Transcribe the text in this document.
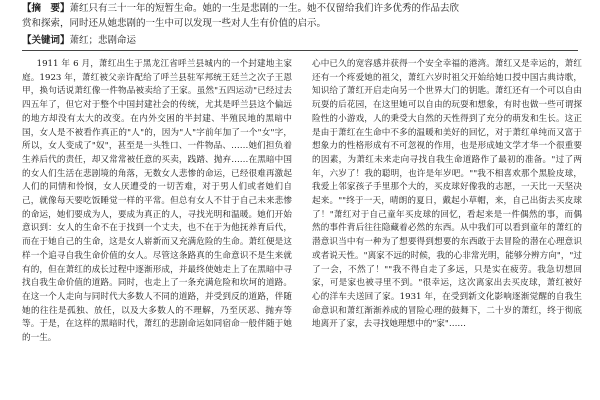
【摘　要】萧红只有三十一年的短暂生命。她的一生是悲剧的一生。她不仅留给我们许多优秀的作品去欣

赏和探索，同时还从她悲剧的一生中可以发现一些对人生有价值的启示。

【关键词】萧红；悲剧命运

1911 年 6 月，萧红出生于黑龙江省呼兰县城内的一个封建地主家庭。1923 年，萧红被父亲许配给了呼兰县驻军邦统王廷兰之次子王恩甲，换句话说萧红像一件物品被卖给了王家。虽然"五四运动"已经过去四五年了，但它对于整个中国封建社会的传统，尤其是呼兰县这个偏远的地方却没有太大的改变。在内外交困的半封建、半殖民地的黑暗中国，女人是不被看作真正的"人"的，因为"人"字前年加了一个"女"字，所以，女人变成了"奴"，甚至是一头牲口、一件物品、……她们担负着生养后代的责任，却又常常被任意的买卖，践踏、抛弃……在黑暗中国的女人们生活在悲剧境的角落，无数女人悲惨的命运，已经很难再激起人们的同情和怜悯，女人厌遭受的一切苦难，对于男人们或者她们自己，就像每天要吃饭睡觉一样的平常。但总有女人不甘于自己未来悲惨的命运，她们要成为人，要成为真正的人，寻找光明和温暖。她们开始意识到：女人的生命不在于找到一个丈夫，也不在于为他抚养育后代，而在于她自己的生命，这是女人崭新而又充满危险的生命。萧红便是这样一个追寻自我生命价值的女人。尽管这条路真的生命意识不是生来就有的，但在萧红的成长过程中逐渐形成，并最终使她走上了在黑暗中寻找自我生命价值的道路。同时，也走上了一条充满危险和坎坷的道路。在这一个人走向与同时代大多数人不同的道路，并受到反的道路，伴随她的往往是孤独、放任，以及大多数人的不理解，乃至厌恶、抛弃等等。于是，在这样的黑暗时代，萧红的悲剧命运如同宿命一般伴随于她的一生。

心中已久的宽容感并获得一个安全幸福的港湾。萧红又是幸运的，萧红还有一个疼爱她的祖父，萧红六岁时祖父开始给她口授中国古典诗歌，知识给了萧红开启走向另一个世界大门的钥匙。萧红还有一个可以自由玩耍的后花园，在这里她可以自由的玩耍和想象，有时也做一些可谓探险性的小游戏，人的秉受大自然的天性得到了充分的萌发和生长。这正是由于萧红在生命中不多的温暖和美好的回忆，对于萧红单纯而又富于想象力的性格形成有不可忽视的作用，也是形成她文学才华一个很重要的因素，为萧红未来走向寻找自我生命道路作了最初的准备。"过了两年，六岁了！我的聪明，也许是年岁吧。""我不相喜欢那个黑脸皮球，我爱上邻家孩子手里那个大的，买皮球好像我的志愿，一天比一天坚决起来。""终于一天，晴朗的夏日，戴起小草帽，来，自己出街去买皮球了！"萧红对于自己童年买皮球的回忆，看起来是一件偶然的事，而偶然的事件背后往往隐藏着必然的东西。从中我们可以看到童年的萧红的潜意识当中有一种为了想要得到想要的东西敢于去冒险的潜在心理意识或者说天性。"离家不远的时候，我的心非常光明，能够分辨方向"，"过了一会，不然了！""我不得自走了多远，只是实在疲劳。我急切想回家，可是家也被寻里不到。"很幸运，这次离家出去买皮球，萧红被好心的洋车夫送回了家。1931 年，在受到新文化影响逐渐觉醒的自我生命意识和萧红渐渐养成的冒险心理的鼓舞下，二十岁的萧红，终于彻底地离开了家，去寻找她理想中的"家"……
